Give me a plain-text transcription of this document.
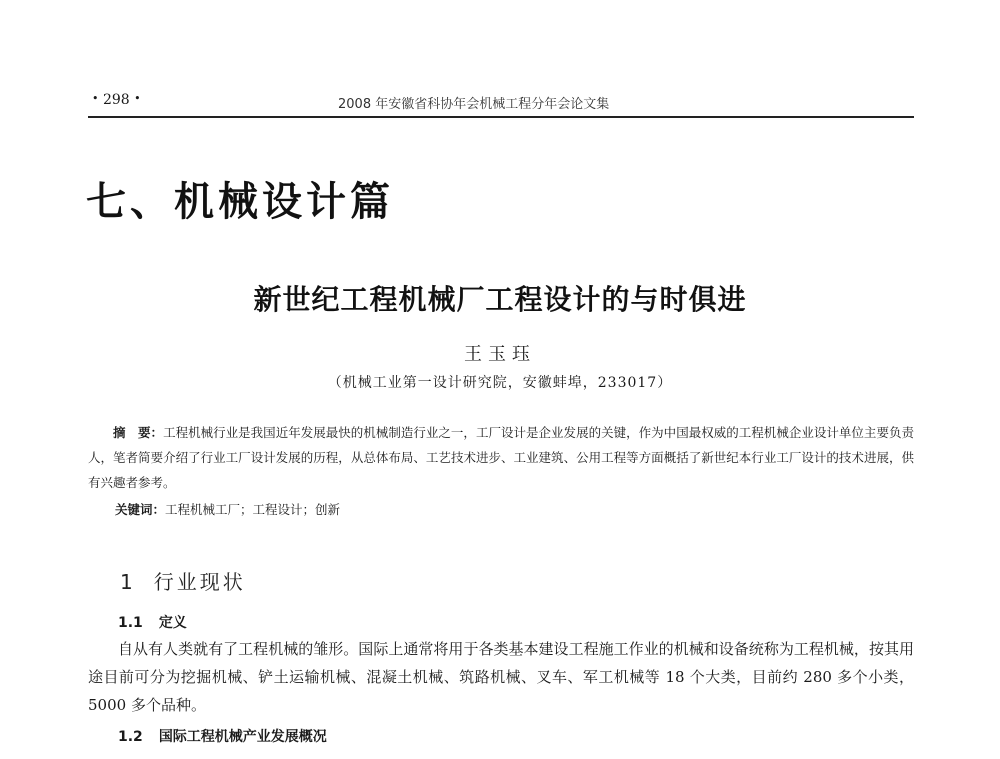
• 298 •	2008 年安徽省科协年会机械工程分年会论文集
七、机械设计篇
新世纪工程机械厂工程设计的与时俱进
王玉珏
（机械工业第一设计研究院，安徽蚌埠，233017）

摘　要：工程机械行业是我国近年发展最快的机械制造行业之一，工厂设计是企业发展的关键，作为中国最权威的工程机械企业设计单位主要负责人，笔者简要介绍了行业工厂设计发展的历程，从总体布局、工艺技术进步、工业建筑、公用工程等方面概括了新世纪本行业工厂设计的技术进展，供有兴趣者参考。

关键词：工程机械工厂；工程设计；创新
1 行业现状
1.1 定义

自从有人类就有了工程机械的雏形。国际上通常将用于各类基本建设工程施工作业的机械和设备统称为工程机械，按其用途目前可分为挖掘机械、铲土运输机械、混凝土机械、筑路机械、叉车、军工机械等 18 个大类，目前约 280 多个小类，5000 多个品种。

1.2 国际工程机械产业发展概况
